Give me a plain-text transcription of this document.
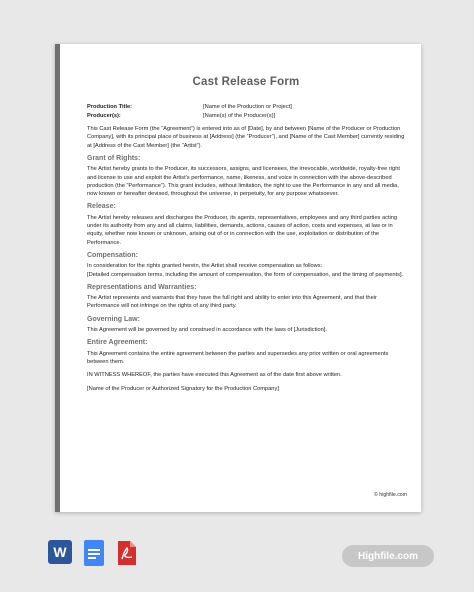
Cast Release Form
Production Title:	[Name of the Production or Project]
Producer(s):	[Name(s) of the Producer(s)]

This Cast Release Form (the “Agreement”) is entered into as of [Date], by and between [Name of the Producer or Production Company], with its principal place of business at [Address] (the “Producer”), and [Name of the Cast Member] currently residing at [Address of the Cast Member] (the “Artist”).

Grant of Rights:

The Artist hereby grants to the Producer, its successors, assigns, and licensees, the irrevocable, worldwide, royalty-free right and license to use and exploit the Artist’s performance, name, likeness, and voice in connection with the above-described production (the “Performance”). This grant includes, without limitation, the right to use the Performance in any and all media, now known or hereafter devised, throughout the universe, in perpetuity, for any purpose whatsoever.

Release:

The Artist hereby releases and discharges the Producer, its agents, representatives, employees and any third parties acting under its authority from any and all claims, liabilities, demands, actions, causes of action, costs and expenses, at law or in equity, whether now known or unknown, arising out of or in connection with the use, exploitation or distribution of the Performance.

Compensation:

In consideration for the rights granted herein, the Artist shall receive compensation as follows:

[Detailed compensation terms, including the amount of compensation, the form of compensation, and the timing of payments].

Representations and Warranties:

The Artist represents and warrants that they have the full right and ability to enter into this Agreement, and that their Performance will not infringe on the rights of any third party.

Governing Law:

This Agreement will be governed by and construed in accordance with the laws of [Jurisdiction].

Entire Agreement:

This Agreement contains the entire agreement between the parties and supersedes any prior written or oral agreements between them.

IN WITNESS WHEREOF, the parties have executed this Agreement as of the date first above written.

[Name of the Producer or Authorized Signatory for the Production Company]

© highfile.com
W	Highfile.com
